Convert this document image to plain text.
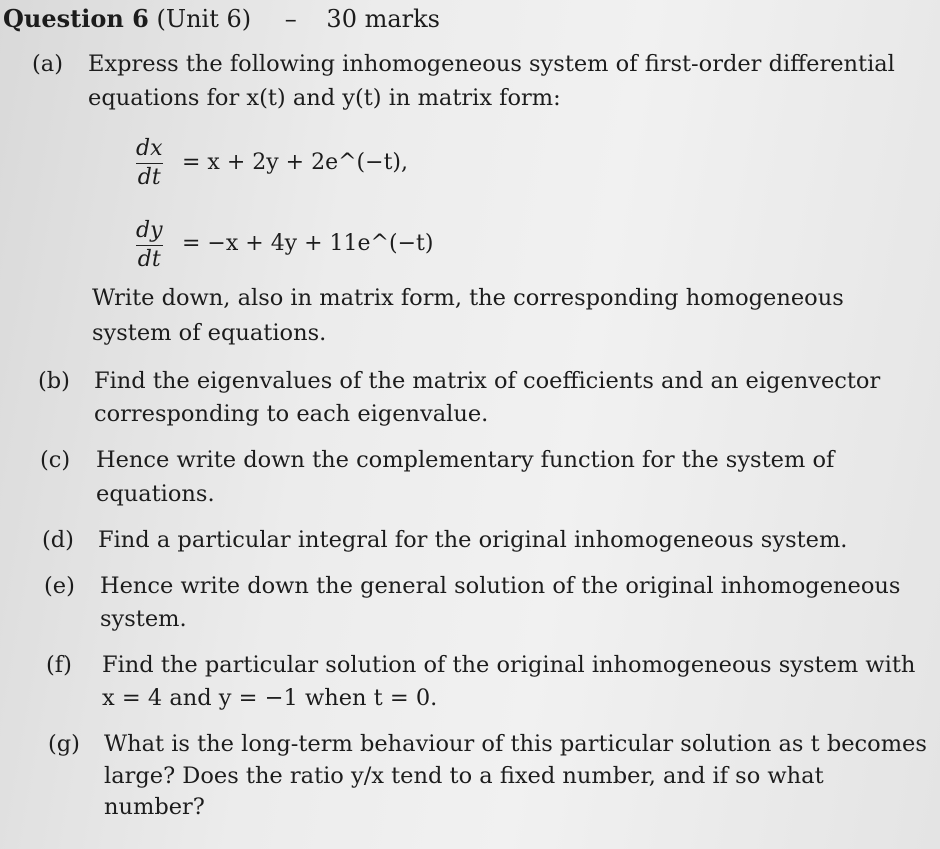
Question 6 (Unit 6) – 30 marks
(a) Express the following inhomogeneous system of first-order differential
equations for x(t) and y(t) in matrix form:
dx
dt
= x + 2y + 2e^(−t),
dy
dt
= −x + 4y + 11e^(−t)
Write down, also in matrix form, the corresponding homogeneous
system of equations.
(b) Find the eigenvalues of the matrix of coefficients and an eigenvector
corresponding to each eigenvalue.
(c) Hence write down the complementary function for the system of
equations.
(d) Find a particular integral for the original inhomogeneous system.
(e) Hence write down the general solution of the original inhomogeneous
system.
(f) Find the particular solution of the original inhomogeneous system with
x = 4 and y = −1 when t = 0.
(g) What is the long-term behaviour of this particular solution as t becomes
large? Does the ratio y/x tend to a fixed number, and if so what
number?
